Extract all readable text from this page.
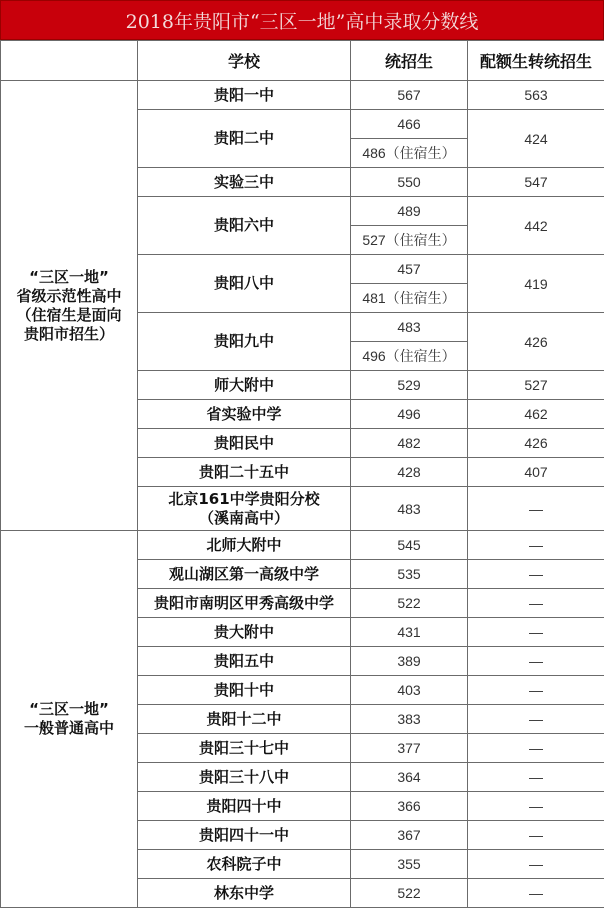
2018年贵阳市“三区一地”高中录取分数线
	学校	统招生	配额生转统招生
“三区一地”
省级示范性高中
（住宿生是面向
贵阳市招生）	贵阳一中	567	563
	贵阳二中	466	424
		486（住宿生）	
	实验三中	550	547
	贵阳六中	489	442
		527（住宿生）	
	贵阳八中	457	419
		481（住宿生）	
	贵阳九中	483	426
		496（住宿生）	
	师大附中	529	527
	省实验中学	496	462
	贵阳民中	482	426
	贵阳二十五中	428	407
	北京161中学贵阳分校
（溪南高中）	483	—
“三区一地”
一般普通高中	北师大附中	545	—
	观山湖区第一高级中学	535	—
	贵阳市南明区甲秀高级中学	522	—
	贵大附中	431	—
	贵阳五中	389	—
	贵阳十中	403	—
	贵阳十二中	383	—
	贵阳三十七中	377	—
	贵阳三十八中	364	—
	贵阳四十中	366	—
	贵阳四十一中	367	—
	农科院子中	355	—
	林东中学	522	—
